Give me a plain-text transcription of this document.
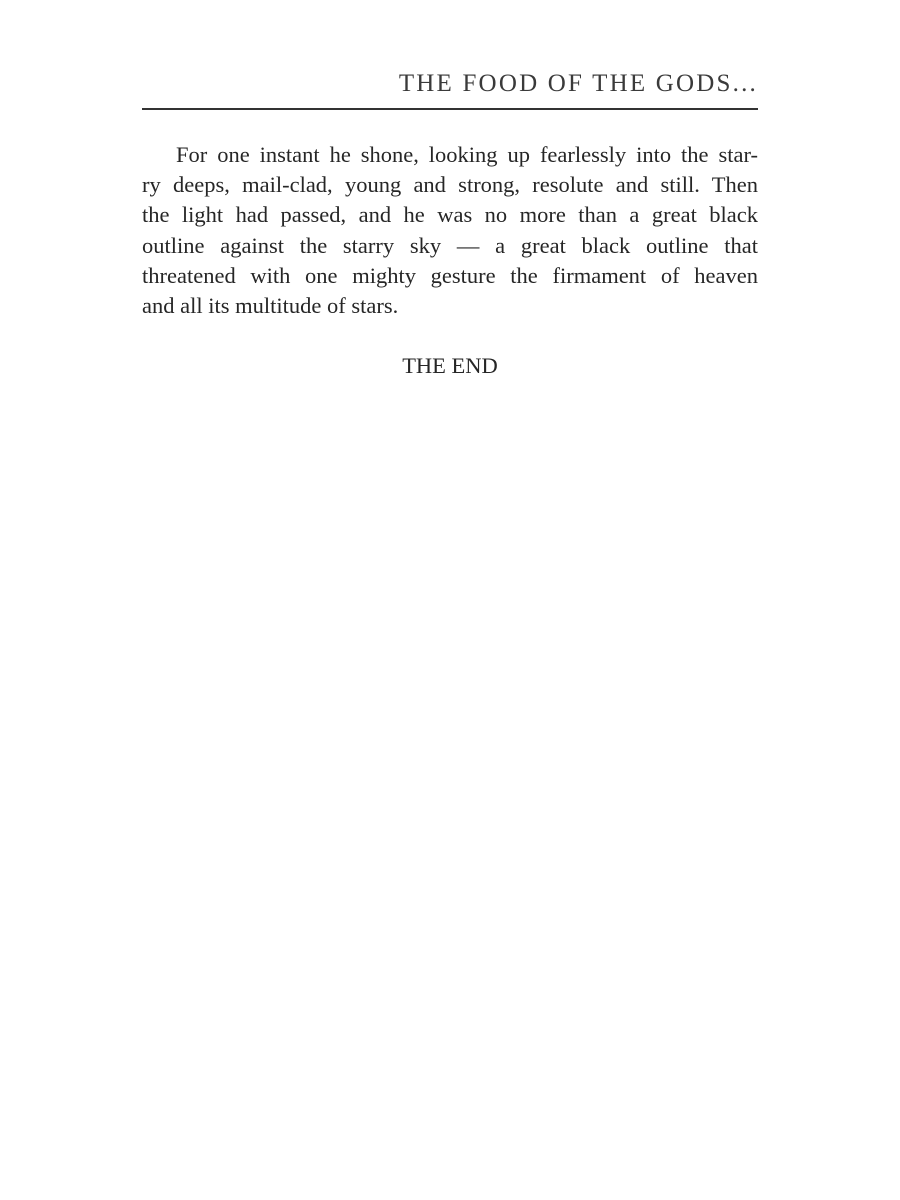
THE FOOD OF THE GODS...

For one instant he shone, looking up fearlessly into the star-
ry deeps, mail-clad, young and strong, resolute and still. Then
the light had passed, and he was no more than a great black
outline against the starry sky — a great black outline that
threatened with one mighty gesture the firmament of heaven
and all its multitude of stars.

THE END
